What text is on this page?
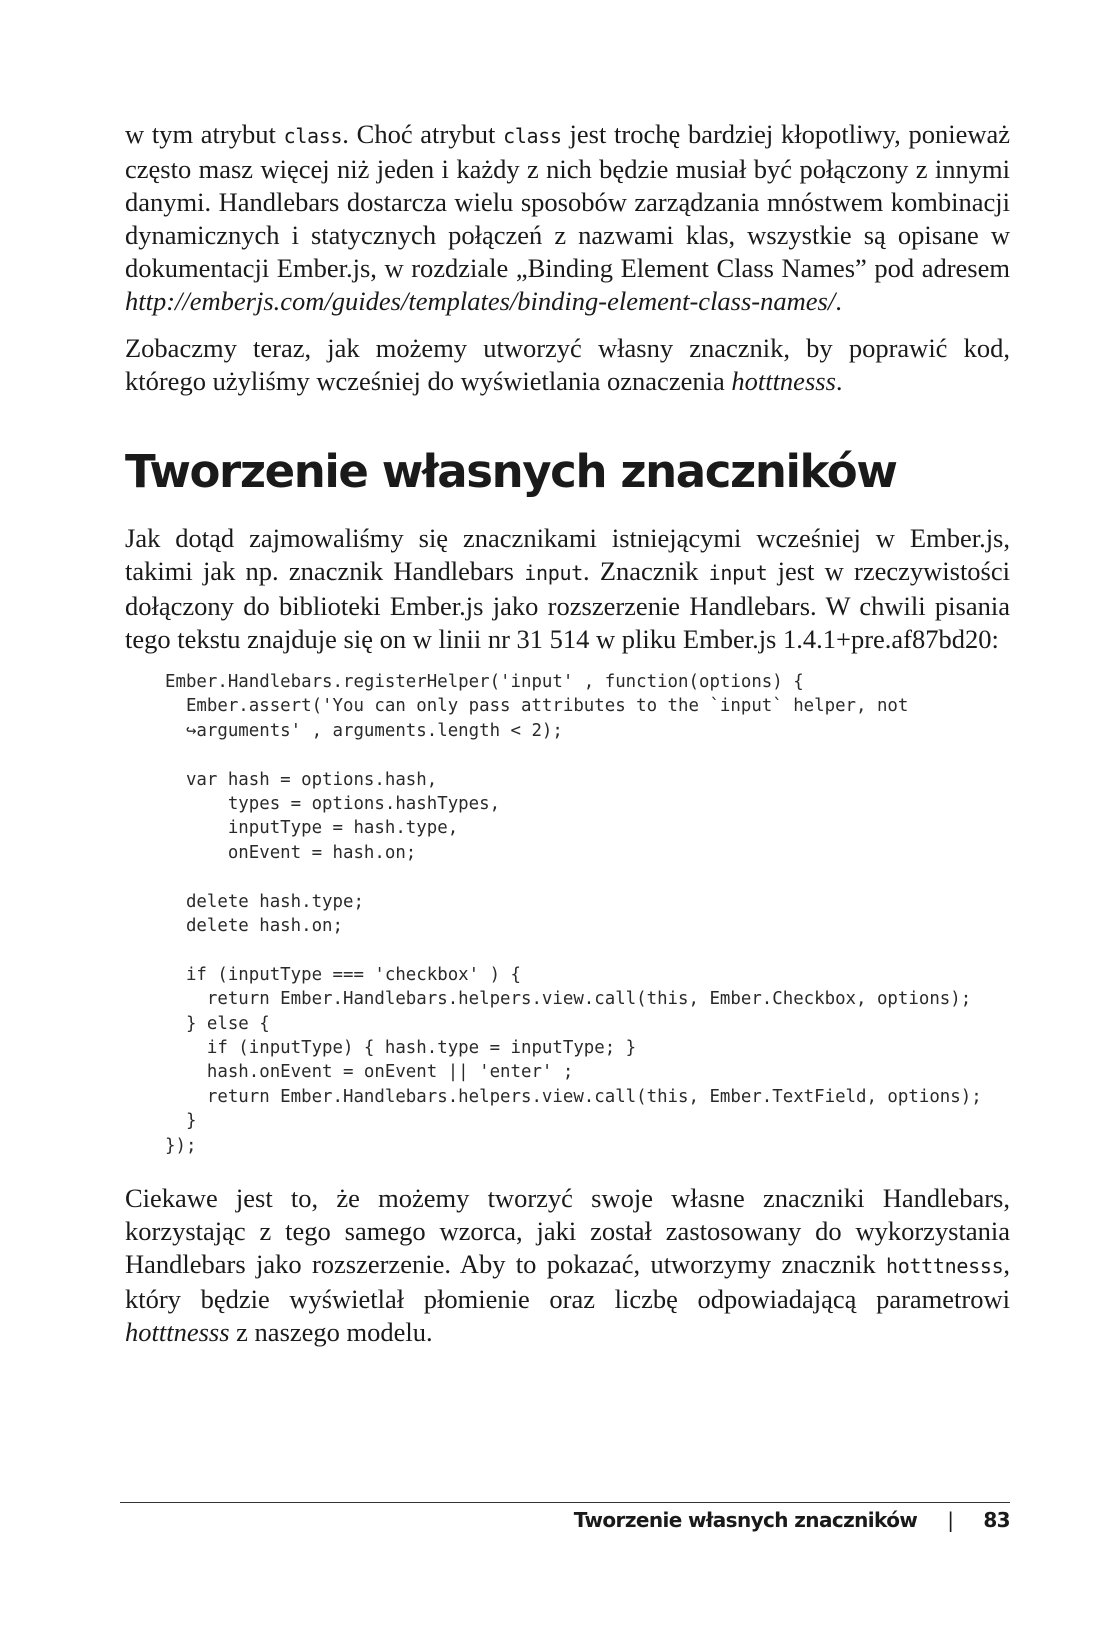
w tym atrybut class. Choć atrybut class jest trochę bardziej kłopotliwy, ponieważ często masz więcej niż jeden i każdy z nich będzie musiał być połączony z innymi danymi. Handlebars dostarcza wielu sposobów zarządzania mnóstwem kombinacji dynamicznych i statycznych połączeń z nazwami klas, wszystkie są opisane w dokumentacji Ember.js, w rozdziale „Binding Element Class Names” pod adresem http://emberjs.com/guides/templates/binding-element-class-names/.

Zobaczmy teraz, jak możemy utworzyć własny znacznik, by poprawić kod, którego użyliśmy wcześniej do wyświetlania oznaczenia hotttnesss.

Tworzenie własnych znaczników

Jak dotąd zajmowaliśmy się znacznikami istniejącymi wcześniej w Ember.js, takimi jak np. znacznik Handlebars input. Znacznik input jest w rzeczywistości dołączony do biblioteki Ember.js jako rozszerzenie Handlebars. W chwili pisania tego tekstu znajduje się on w linii nr 31 514 w pliku Ember.js 1.4.1+pre.af87bd20:

Ember.Handlebars.registerHelper('input' , function(options) {
Ember.assert('You can only pass attributes to the `input` helper, not
↪arguments' , arguments.length < 2);
var hash = options.hash,
types = options.hashTypes,
inputType = hash.type,
onEvent = hash.on;
delete hash.type;
delete hash.on;
if (inputType === 'checkbox' ) {
return Ember.Handlebars.helpers.view.call(this, Ember.Checkbox, options);
} else {
if (inputType) { hash.type = inputType; }
hash.onEvent = onEvent || 'enter' ;
return Ember.Handlebars.helpers.view.call(this, Ember.TextField, options);
}
});

Ciekawe jest to, że możemy tworzyć swoje własne znaczniki Handlebars, korzystając z tego samego wzorca, jaki został zastosowany do wykorzystania Handlebars jako rozszerzenie. Aby to pokazać, utworzymy znacznik hotttnesss, który będzie wyświetlał płomienie oraz liczbę odpowiadającą parametrowi hotttnesss z naszego modelu.

Tworzenie własnych znaczników | 83
